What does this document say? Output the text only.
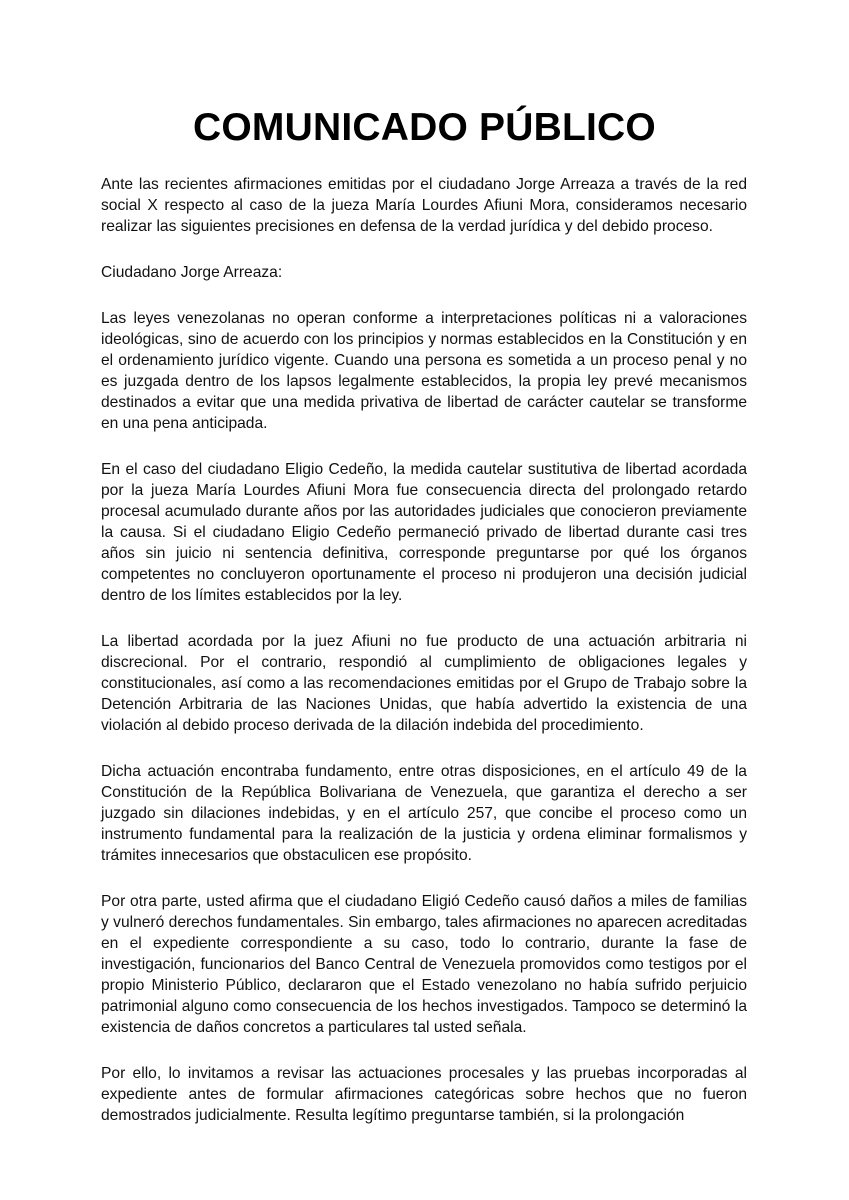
COMUNICADO PÚBLICO

Ante las recientes afirmaciones emitidas por el ciudadano Jorge Arreaza a través de la red social X respecto al caso de la jueza María Lourdes Afiuni Mora, consideramos necesario realizar las siguientes precisiones en defensa de la verdad jurídica y del debido proceso.

Ciudadano Jorge Arreaza:

Las leyes venezolanas no operan conforme a interpretaciones políticas ni a valoraciones ideológicas, sino de acuerdo con los principios y normas establecidos en la Constitución y en el ordenamiento jurídico vigente. Cuando una persona es sometida a un proceso penal y no es juzgada dentro de los lapsos legalmente establecidos, la propia ley prevé mecanismos destinados a evitar que una medida privativa de libertad de carácter cautelar se transforme en una pena anticipada.

En el caso del ciudadano Eligio Cedeño, la medida cautelar sustitutiva de libertad acordada por la jueza María Lourdes Afiuni Mora fue consecuencia directa del prolongado retardo procesal acumulado durante años por las autoridades judiciales que conocieron previamente la causa. Si el ciudadano Eligio Cedeño permaneció privado de libertad durante casi tres años sin juicio ni sentencia definitiva, corresponde preguntarse por qué los órganos competentes no concluyeron oportunamente el proceso ni produjeron una decisión judicial dentro de los límites establecidos por la ley.

La libertad acordada por la juez Afiuni no fue producto de una actuación arbitraria ni discrecional. Por el contrario, respondió al cumplimiento de obligaciones legales y constitucionales, así como a las recomendaciones emitidas por el Grupo de Trabajo sobre la Detención Arbitraria de las Naciones Unidas, que había advertido la existencia de una violación al debido proceso derivada de la dilación indebida del procedimiento.

Dicha actuación encontraba fundamento, entre otras disposiciones, en el artículo 49 de la Constitución de la República Bolivariana de Venezuela, que garantiza el derecho a ser juzgado sin dilaciones indebidas, y en el artículo 257, que concibe el proceso como un instrumento fundamental para la realización de la justicia y ordena eliminar formalismos y trámites innecesarios que obstaculicen ese propósito.

Por otra parte, usted afirma que el ciudadano Eligió Cedeño causó daños a miles de familias y vulneró derechos fundamentales. Sin embargo, tales afirmaciones no aparecen acreditadas en el expediente correspondiente a su caso, todo lo contrario, durante la fase de investigación, funcionarios del Banco Central de Venezuela promovidos como testigos por el propio Ministerio Público, declararon que el Estado venezolano no había sufrido perjuicio patrimonial alguno como consecuencia de los hechos investigados. Tampoco se determinó la existencia de daños concretos a particulares tal usted señala.

Por ello, lo invitamos a revisar las actuaciones procesales y las pruebas incorporadas al expediente antes de formular afirmaciones categóricas sobre hechos que no fueron demostrados judicialmente. Resulta legítimo preguntarse también, si la prolongación
